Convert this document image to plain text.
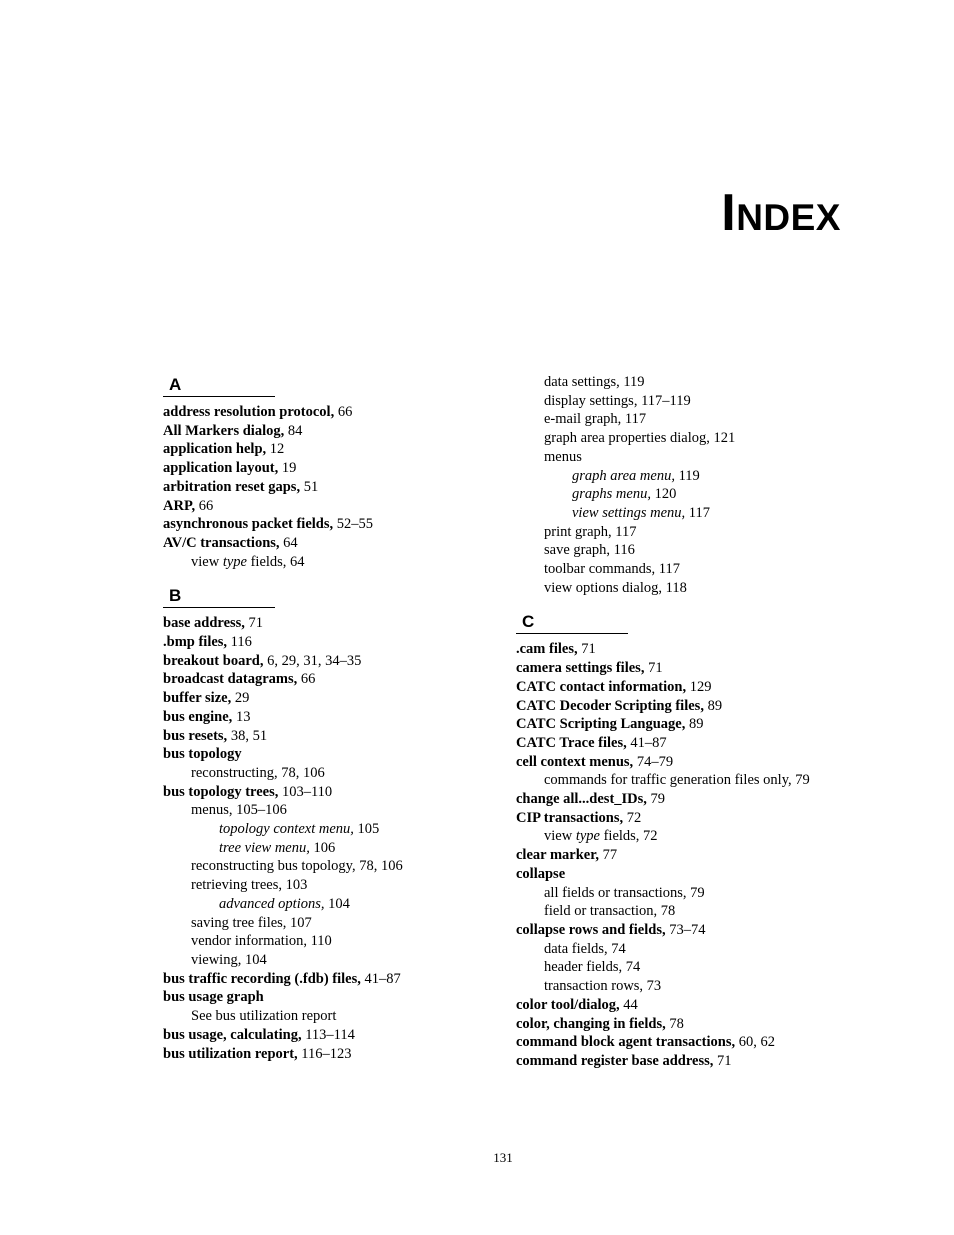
INDEX
A
address resolution protocol, 66
All Markers dialog, 84
application help, 12
application layout, 19
arbitration reset gaps, 51
ARP, 66
asynchronous packet fields, 52–55
AV/C transactions, 64
view type fields, 64
B
base address, 71
.bmp files, 116
breakout board, 6, 29, 31, 34–35
broadcast datagrams, 66
buffer size, 29
bus engine, 13
bus resets, 38, 51
bus topology
reconstructing, 78, 106
bus topology trees, 103–110
menus, 105–106
topology context menu, 105
tree view menu, 106
reconstructing bus topology, 78, 106
retrieving trees, 103
advanced options, 104
saving tree files, 107
vendor information, 110
viewing, 104
bus traffic recording (.fdb) files, 41–87
bus usage graph
See bus utilization report
bus usage, calculating, 113–114
bus utilization report, 116–123
data settings, 119
display settings, 117–119
e-mail graph, 117
graph area properties dialog, 121
menus
graph area menu, 119
graphs menu, 120
view settings menu, 117
print graph, 117
save graph, 116
toolbar commands, 117
view options dialog, 118
C
.cam files, 71
camera settings files, 71
CATC contact information, 129
CATC Decoder Scripting files, 89
CATC Scripting Language, 89
CATC Trace files, 41–87
cell context menus, 74–79
commands for traffic generation files only, 79
change all...dest_IDs, 79
CIP transactions, 72
view type fields, 72
clear marker, 77
collapse
all fields or transactions, 79
field or transaction, 78
collapse rows and fields, 73–74
data fields, 74
header fields, 74
transaction rows, 73
color tool/dialog, 44
color, changing in fields, 78
command block agent transactions, 60, 62
command register base address, 71
131
